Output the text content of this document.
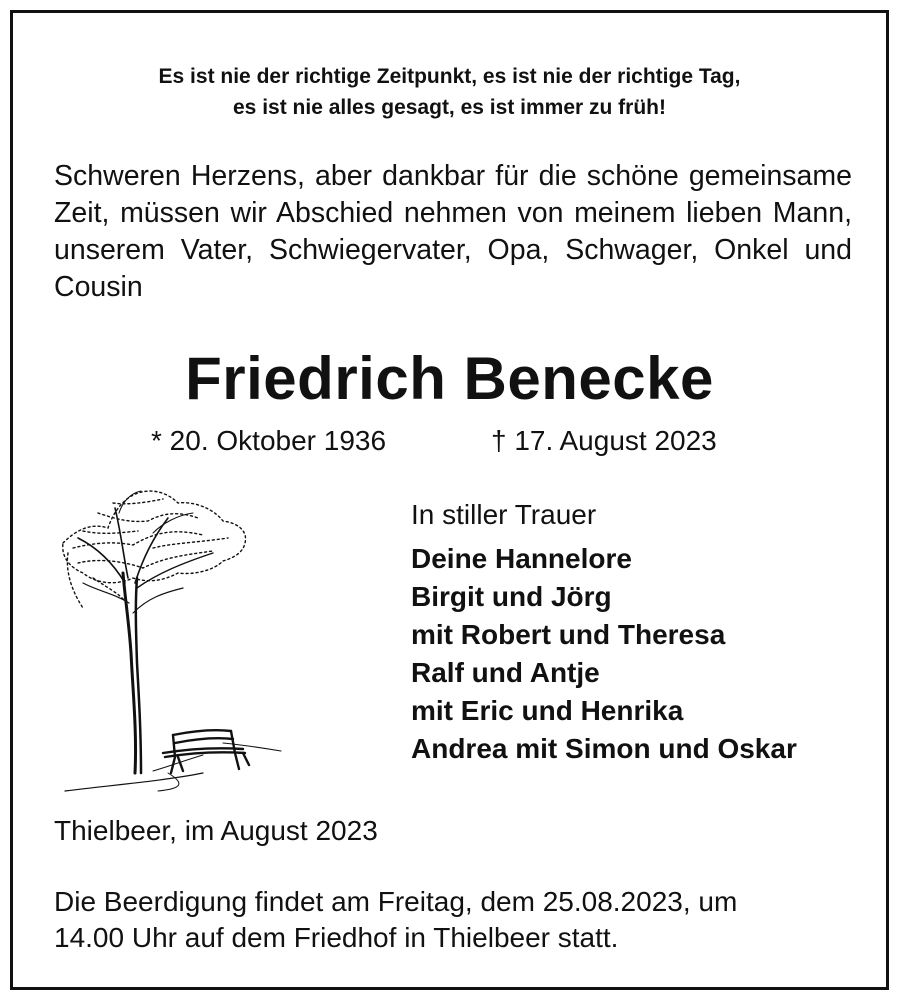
Es ist nie der richtige Zeitpunkt, es ist nie der richtige Tag,
es ist nie alles gesagt, es ist immer zu früh!
Schweren Herzens, aber dankbar für die schöne gemeinsame Zeit, müssen wir Abschied nehmen von meinem lieben Mann, unserem Vater, Schwiegervater, Opa, Schwager, Onkel und Cousin
Friedrich Benecke
* 20. Oktober 1936	† 17. August 2023
In stiller Trauer
Deine Hannelore
Birgit und Jörg
mit Robert und Theresa
Ralf und Antje
mit Eric und Henrika
Andrea mit Simon und Oskar
Thielbeer, im August 2023
Die Beerdigung findet am Freitag, dem 25.08.2023, um
14.00 Uhr auf dem Friedhof in Thielbeer statt.
